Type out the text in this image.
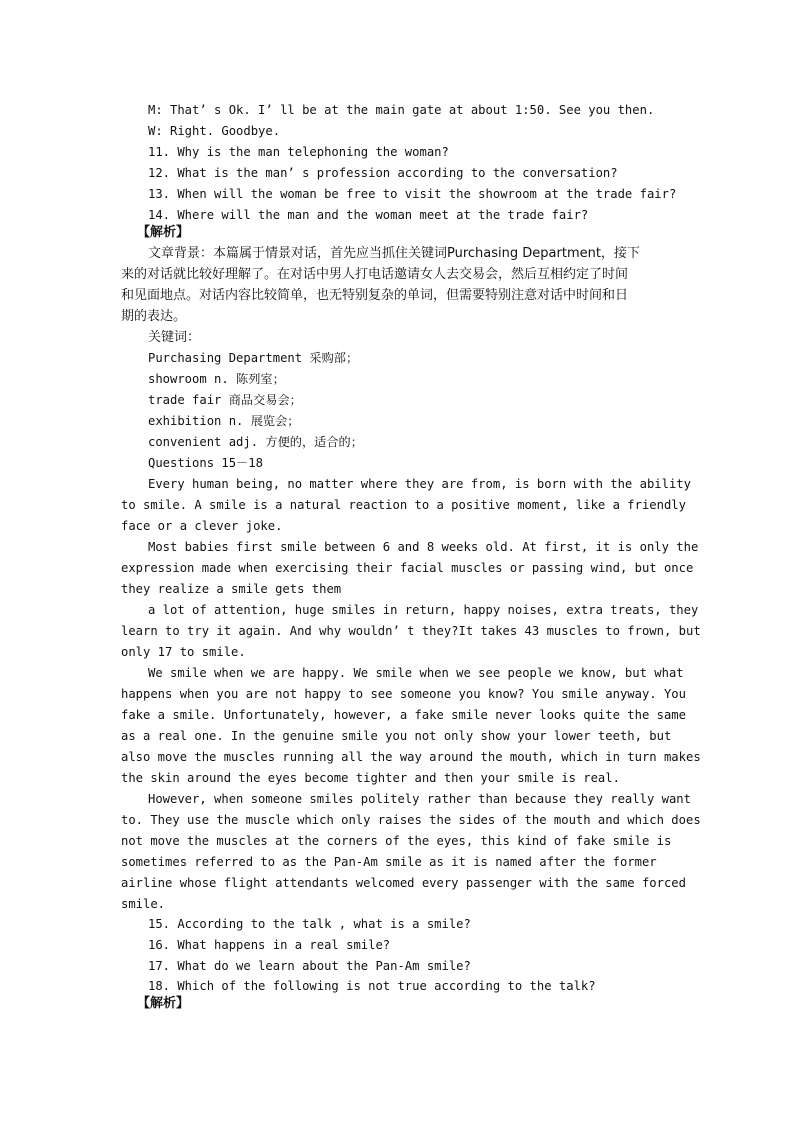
M: That’ s Ok. I’ ll be at the main gate at about 1:50. See you then.
W: Right. Goodbye.
11. Why is the man telephoning the woman?
12. What is the man’ s profession according to the conversation?
13. When will the woman be free to visit the showroom at the trade fair?
14. Where will the man and the woman meet at the trade fair?
【解析】
文章背景：本篇属于情景对话，首先应当抓住关键词Purchasing Department，接下
来的对话就比较好理解了。在对话中男人打电话邀请女人去交易会，然后互相约定了时间
和见面地点。对话内容比较简单，也无特别复杂的单词，但需要特别注意对话中时间和日
期的表达。
关键词：
Purchasing Department 采购部；
showroom n. 陈列室；
trade fair 商品交易会；
exhibition n. 展览会；
convenient adj. 方便的，适合的；
Questions 15－18
Every human being, no matter where they are from, is born with the ability
to smile. A smile is a natural reaction to a positive moment, like a friendly
face or a clever joke.
Most babies first smile between 6 and 8 weeks old. At first, it is only the
expression made when exercising their facial muscles or passing wind, but once
they realize a smile gets them
a lot of attention, huge smiles in return, happy noises, extra treats, they
learn to try it again. And why wouldn’ t they?It takes 43 muscles to frown, but
only 17 to smile.
We smile when we are happy. We smile when we see people we know, but what
happens when you are not happy to see someone you know? You smile anyway. You
fake a smile. Unfortunately, however, a fake smile never looks quite the same
as a real one. In the genuine smile you not only show your lower teeth, but
also move the muscles running all the way around the mouth, which in turn makes
the skin around the eyes become tighter and then your smile is real.
However, when someone smiles politely rather than because they really want
to. They use the muscle which only raises the sides of the mouth and which does
not move the muscles at the corners of the eyes, this kind of fake smile is
sometimes referred to as the Pan-Am smile as it is named after the former
airline whose flight attendants welcomed every passenger with the same forced
smile.
15. According to the talk , what is a smile?
16. What happens in a real smile?
17. What do we learn about the Pan-Am smile?
18. Which of the following is not true according to the talk?
【解析】
